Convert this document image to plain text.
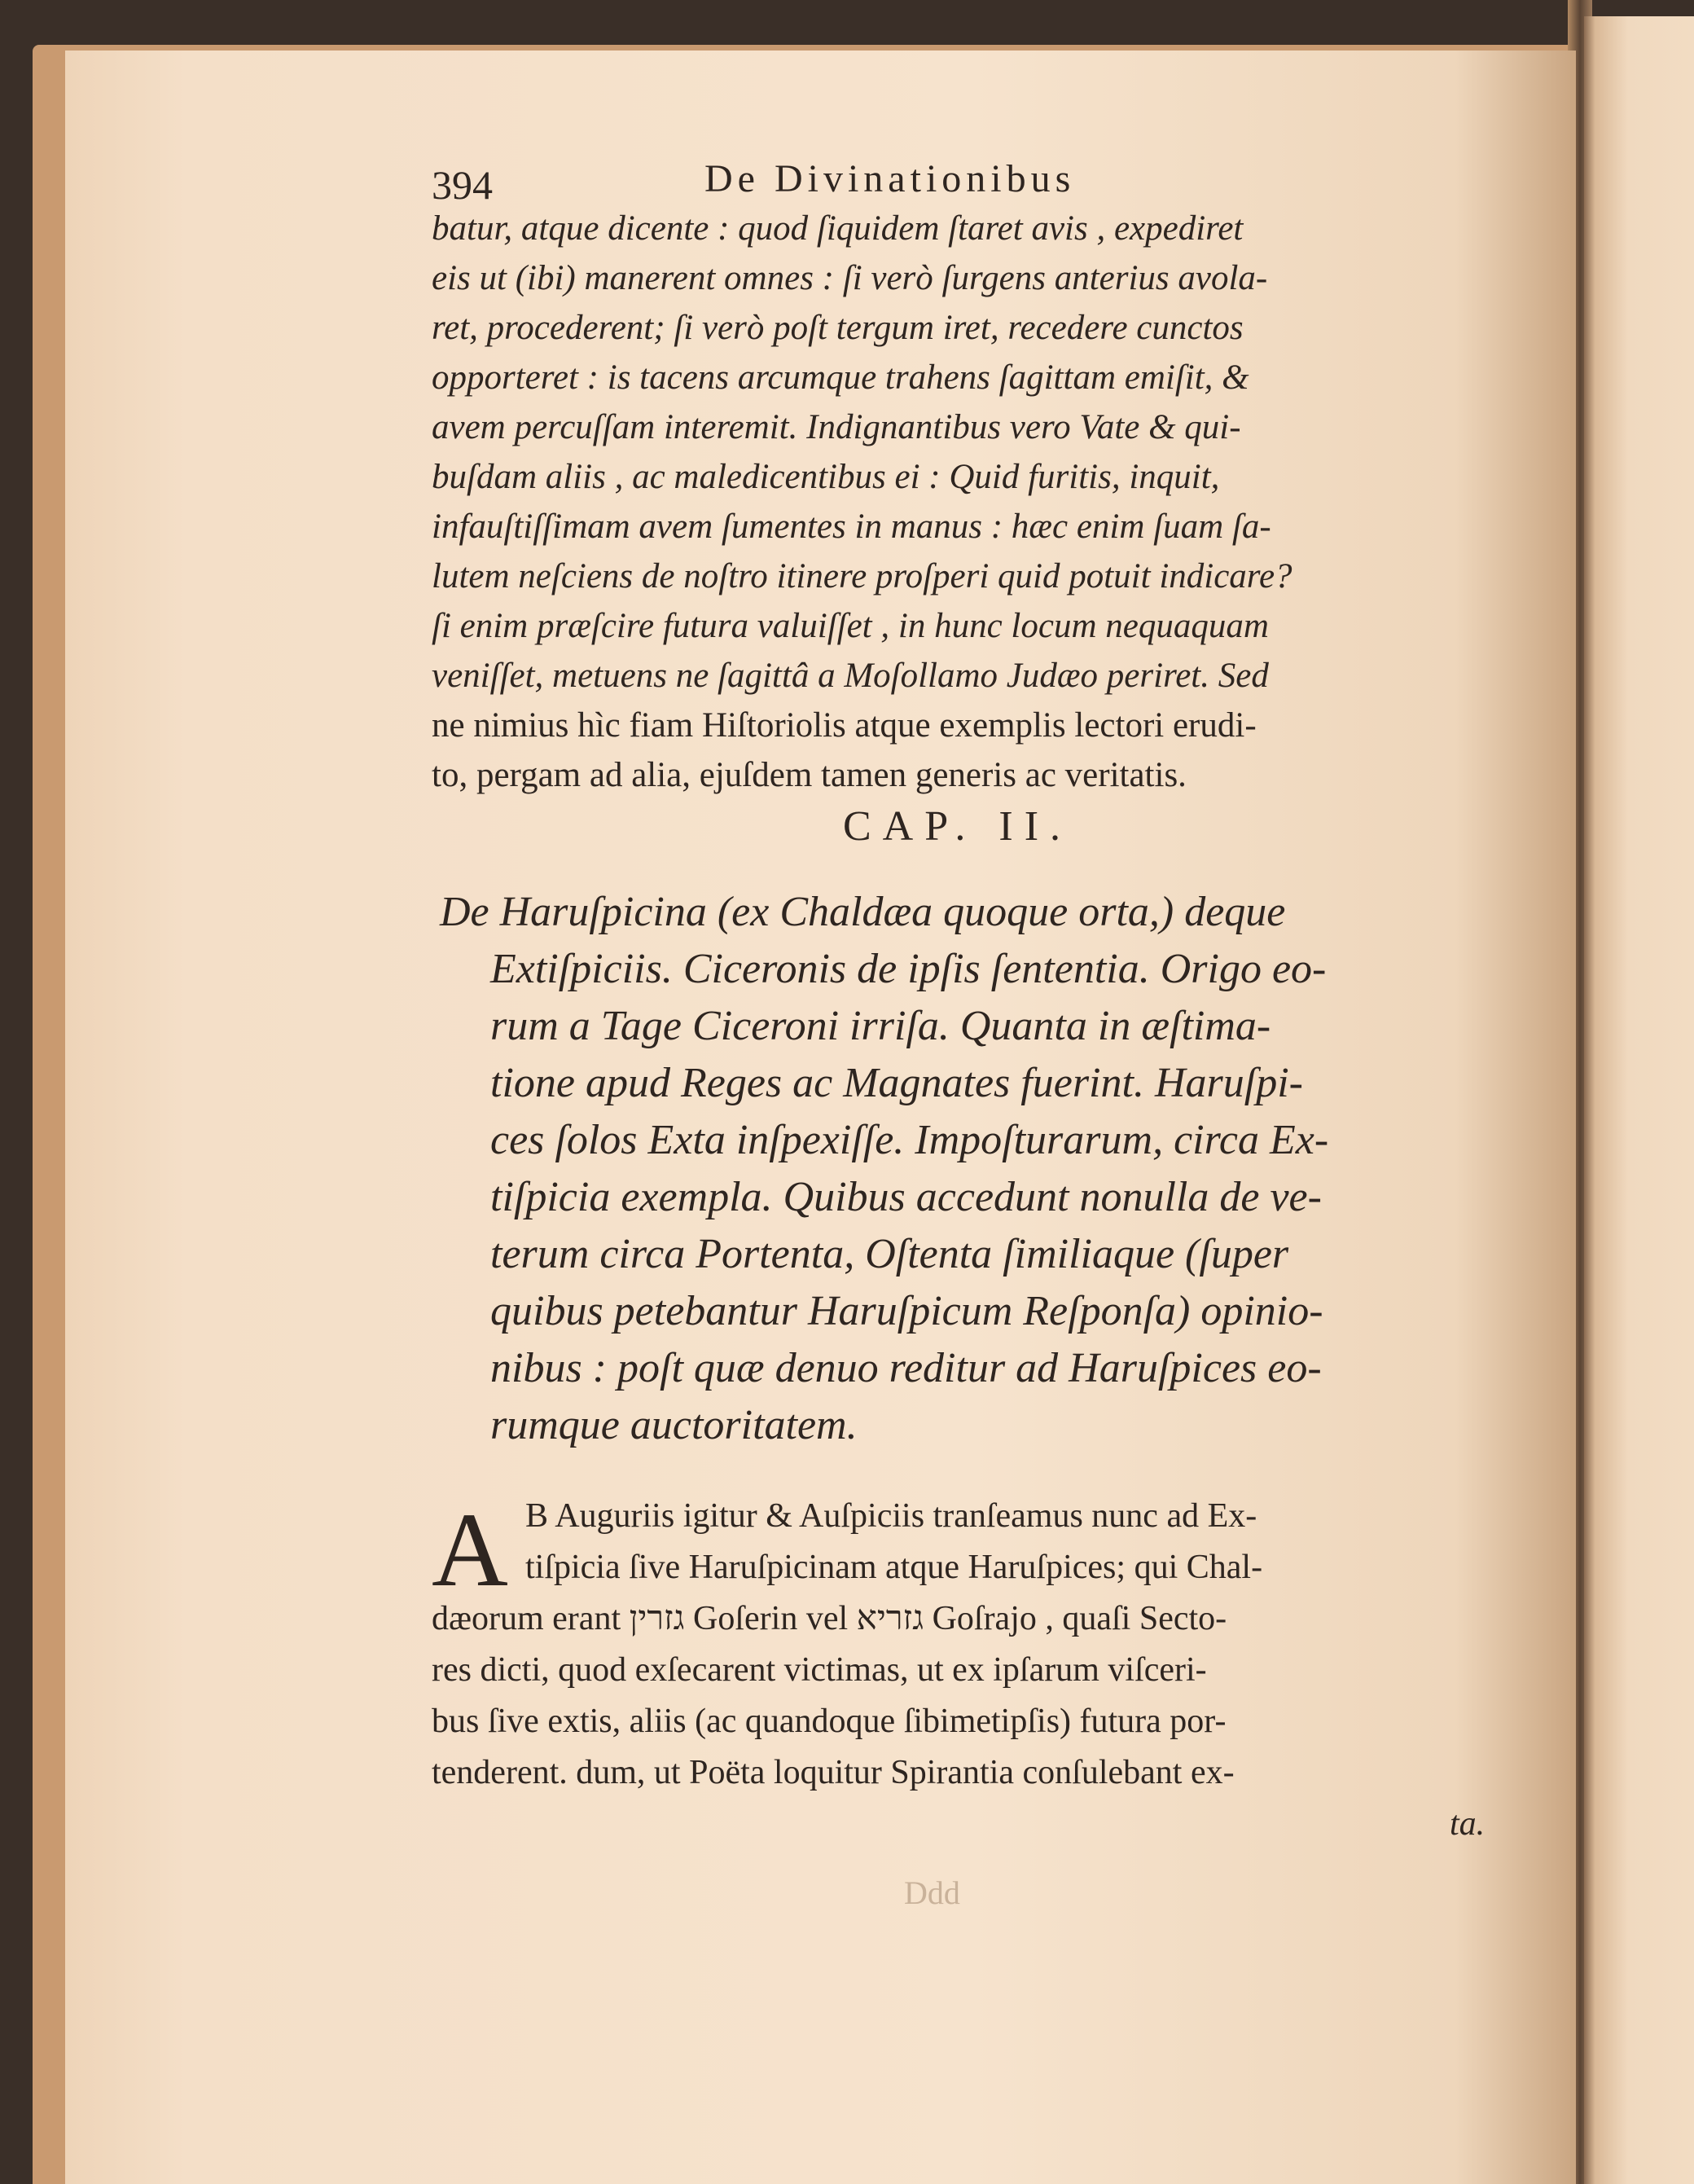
394	De Divinationibus
batur, atque dicente : quod ſiquidem ſtaret avis , expediret
eis ut (ibi) manerent omnes : ſi verò ſurgens anterius avola-
ret, procederent; ſi verò poſt tergum iret, recedere cunctos
opporteret : is tacens arcumque trahens ſagittam emiſit, &
avem percuſſam interemit. Indignantibus vero Vate & qui-
buſdam aliis , ac maledicentibus ei : Quid furitis, inquit,
infauſtiſſimam avem ſumentes in manus : hæc enim ſuam ſa-
lutem neſciens de noſtro itinere proſperi quid potuit indicare?
ſi enim præſcire futura valuiſſet , in hunc locum nequaquam
veniſſet, metuens ne ſagittâ a Moſollamo Judæo periret. Sed
ne nimius hìc fiam Hiſtoriolis atque exemplis lectori erudi-
to, pergam ad alia, ejuſdem tamen generis ac veritatis.
CAP. II.
De Haruſpicina (ex Chaldæa quoque orta,) deque
Extiſpiciis. Ciceronis de ipſis ſententia. Origo eo-
rum a Tage Ciceroni irriſa. Quanta in æſtima-
tione apud Reges ac Magnates fuerint. Haruſpi-
ces ſolos Exta inſpexiſſe. Impoſturarum, circa Ex-
tiſpicia exempla. Quibus accedunt nonulla de ve-
terum circa Portenta, Oſtenta ſimiliaque (ſuper
quibus petebantur Haruſpicum Reſponſa) opinio-
nibus : poſt quæ denuo reditur ad Haruſpices eo-
rumque auctoritatem.
A B Auguriis igitur & Auſpiciis tranſeamus nunc ad Ex-
tiſpicia ſive Haruſpicinam atque Haruſpices; qui Chal-
dæorum erant גזרין Goſerin vel גזריא Goſrajo , quaſi Secto-
res dicti, quod exſecarent victimas, ut ex ipſarum viſceri-
bus ſive extis, aliis (ac quandoque ſibimetipſis) futura por-
tenderent. dum, ut Poëta loquitur Spirantia conſulebant ex-
ta.
Ddd
